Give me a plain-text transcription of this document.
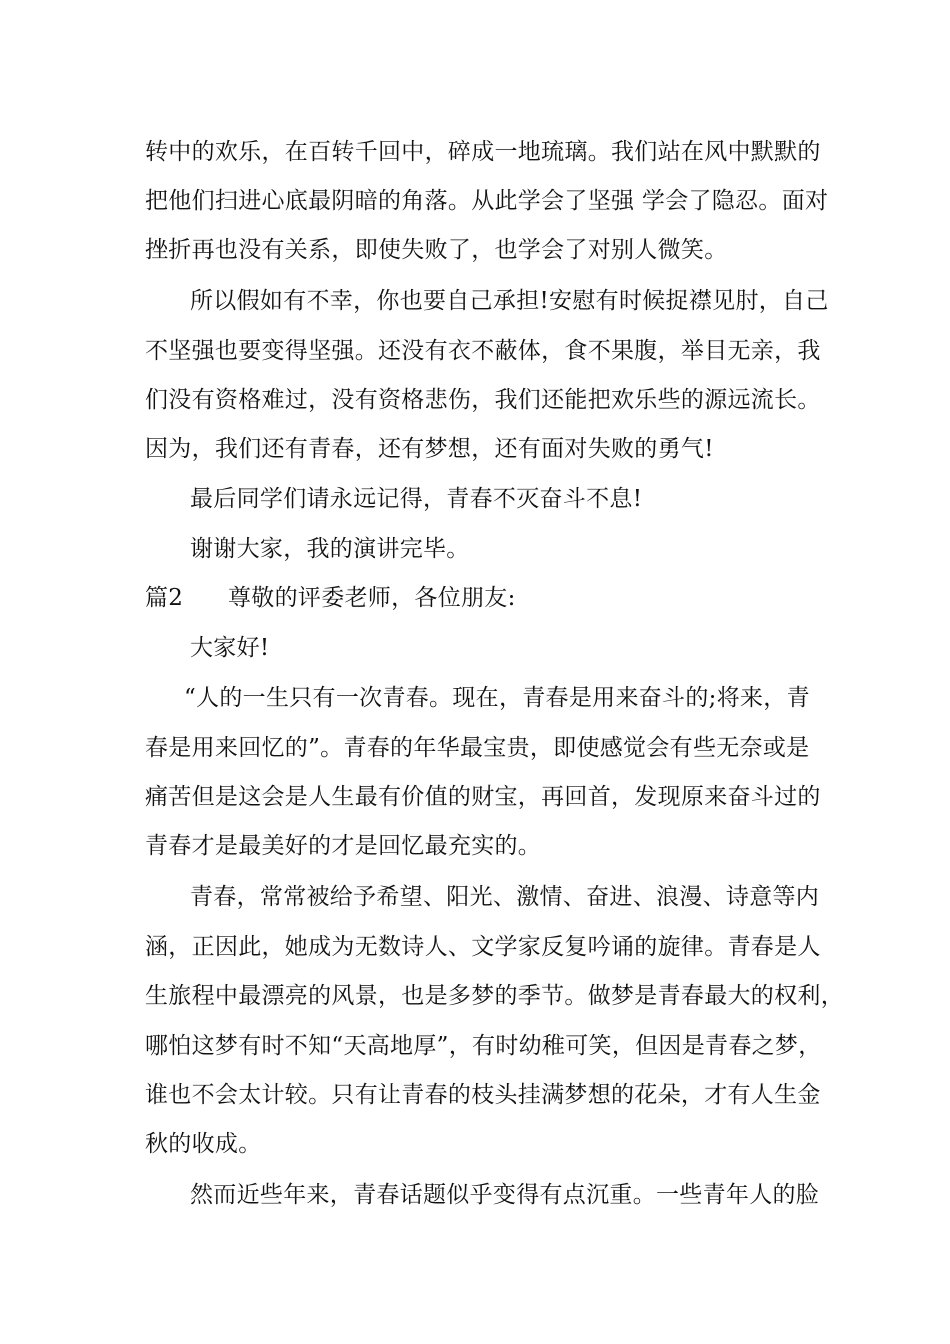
转中的欢乐，在百转千回中，碎成一地琉璃。我们站在风中默默的
把他们扫进心底最阴暗的角落。从此学会了坚强 学会了隐忍。面对
挫折再也没有关系，即使失败了，也学会了对别人微笑。
所以假如有不幸，你也要自己承担!安慰有时候捉襟见肘，自己
不坚强也要变得坚强。还没有衣不蔽体，食不果腹，举目无亲，我
们没有资格难过，没有资格悲伤，我们还能把欢乐些的源远流长。
因为，我们还有青春，还有梦想，还有面对失败的勇气!
最后同学们请永远记得，青春不灭奋斗不息!
谢谢大家，我的演讲完毕。
篇2 尊敬的评委老师，各位朋友:
大家好!
“人的一生只有一次青春。现在，青春是用来奋斗的;将来，青
春是用来回忆的”。青春的年华最宝贵，即使感觉会有些无奈或是
痛苦但是这会是人生最有价值的财宝，再回首，发现原来奋斗过的
青春才是最美好的才是回忆最充实的。
青春，常常被给予希望、阳光、激情、奋进、浪漫、诗意等内
涵，正因此，她成为无数诗人、文学家反复吟诵的旋律。青春是人
生旅程中最漂亮的风景，也是多梦的季节。做梦是青春最大的权利，
哪怕这梦有时不知“天高地厚”，有时幼稚可笑，但因是青春之梦，
谁也不会太计较。只有让青春的枝头挂满梦想的花朵，才有人生金
秋的收成。
然而近些年来，青春话题似乎变得有点沉重。一些青年人的脸
